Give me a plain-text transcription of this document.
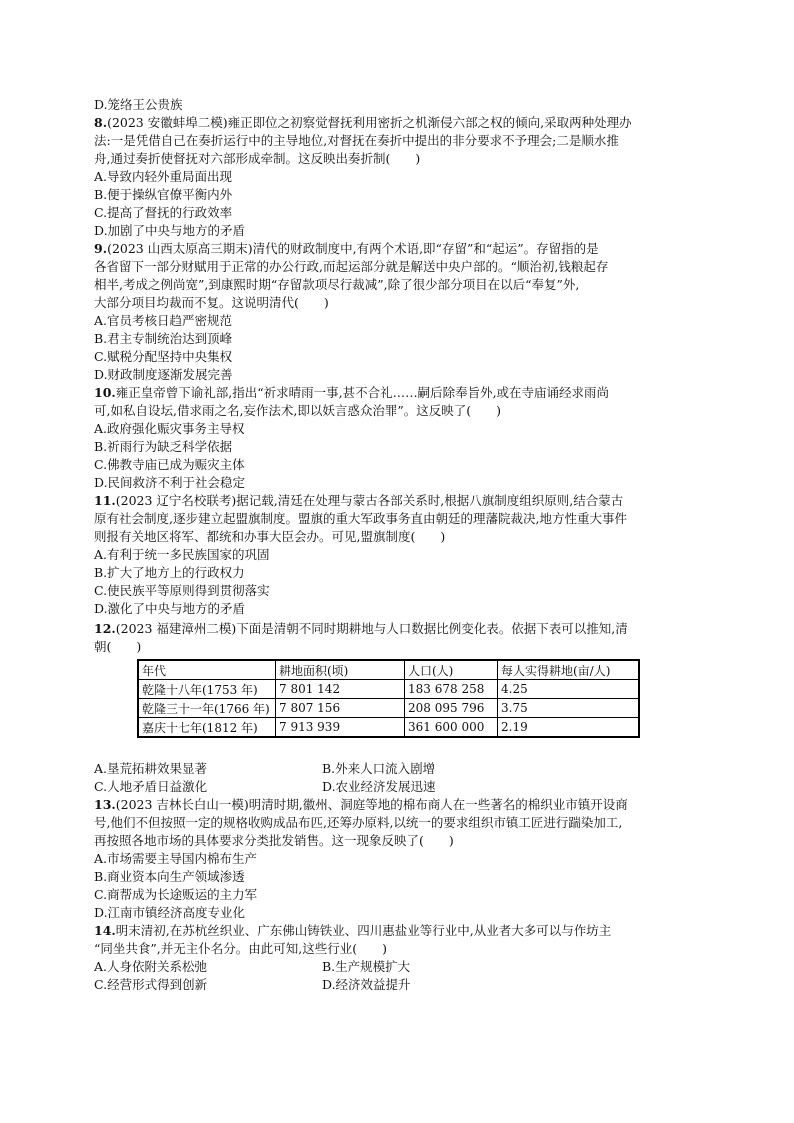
D.笼络王公贵族
8.(2023 安徽蚌埠二模)雍正即位之初察觉督抚利用密折之机渐侵六部之权的倾向,采取两种处理办
法:一是凭借自己在奏折运行中的主导地位,对督抚在奏折中提出的非分要求不予理会;二是顺水推
舟,通过奏折使督抚对六部形成牵制。这反映出奏折制(　　)
A.导致内轻外重局面出现
B.便于操纵官僚平衡内外
C.提高了督抚的行政效率
D.加剧了中央与地方的矛盾
9.(2023 山西太原高三期末)清代的财政制度中,有两个术语,即“存留”和“起运”。存留指的是
各省留下一部分财赋用于正常的办公行政,而起运部分就是解送中央户部的。“顺治初,钱粮起存
相半,考成之例尚宽”,到康熙时期“存留款项尽行裁减”,除了很少部分项目在以后“奉复”外,
大部分项目均裁而不复。这说明清代(　　)
A.官员考核日趋严密规范
B.君主专制统治达到顶峰
C.赋税分配坚持中央集权
D.财政制度逐渐发展完善
10.雍正皇帝曾下谕礼部,指出“祈求晴雨一事,甚不合礼……嗣后除奉旨外,或在寺庙诵经求雨尚
可,如私自设坛,借求雨之名,妄作法术,即以妖言惑众治罪”。这反映了(　　)
A.政府强化赈灾事务主导权
B.祈雨行为缺乏科学依据
C.佛教寺庙已成为赈灾主体
D.民间救济不利于社会稳定
11.(2023 辽宁名校联考)据记载,清廷在处理与蒙古各部关系时,根据八旗制度组织原则,结合蒙古
原有社会制度,逐步建立起盟旗制度。盟旗的重大军政事务直由朝廷的理藩院裁决,地方性重大事件
则报有关地区将军、都统和办事大臣会办。可见,盟旗制度(　　)
A.有利于统一多民族国家的巩固
B.扩大了地方上的行政权力
C.使民族平等原则得到贯彻落实
D.激化了中央与地方的矛盾
12.(2023 福建漳州二模)下面是清朝不同时期耕地与人口数据比例变化表。依据下表可以推知,清
朝(　　)
年代	耕地面积(顷)	人口(人)	每人实得耕地(亩/人)
乾隆十八年(1753 年)	7 801 142	183 678 258	4.25
乾隆三十一年(1766 年)	7 807 156	208 095 796	3.75
嘉庆十七年(1812 年)	7 913 939	361 600 000	2.19
A.垦荒拓耕效果显著	B.外来人口流入剧增
C.人地矛盾日益激化	D.农业经济发展迅速
13.(2023 吉林长白山一模)明清时期,徽州、洞庭等地的棉布商人在一些著名的棉织业市镇开设商
号,他们不但按照一定的规格收购成品布匹,还筹办原料,以统一的要求组织市镇工匠进行踹染加工,
再按照各地市场的具体要求分类批发销售。这一现象反映了(　　)
A.市场需要主导国内棉布生产
B.商业资本向生产领域渗透
C.商帮成为长途贩运的主力军
D.江南市镇经济高度专业化
14.明末清初,在苏杭丝织业、广东佛山铸铁业、四川惠盐业等行业中,从业者大多可以与作坊主
“同坐共食”,并无主仆名分。由此可知,这些行业(　　)
A.人身依附关系松弛	B.生产规模扩大
C.经营形式得到创新	D.经济效益提升
